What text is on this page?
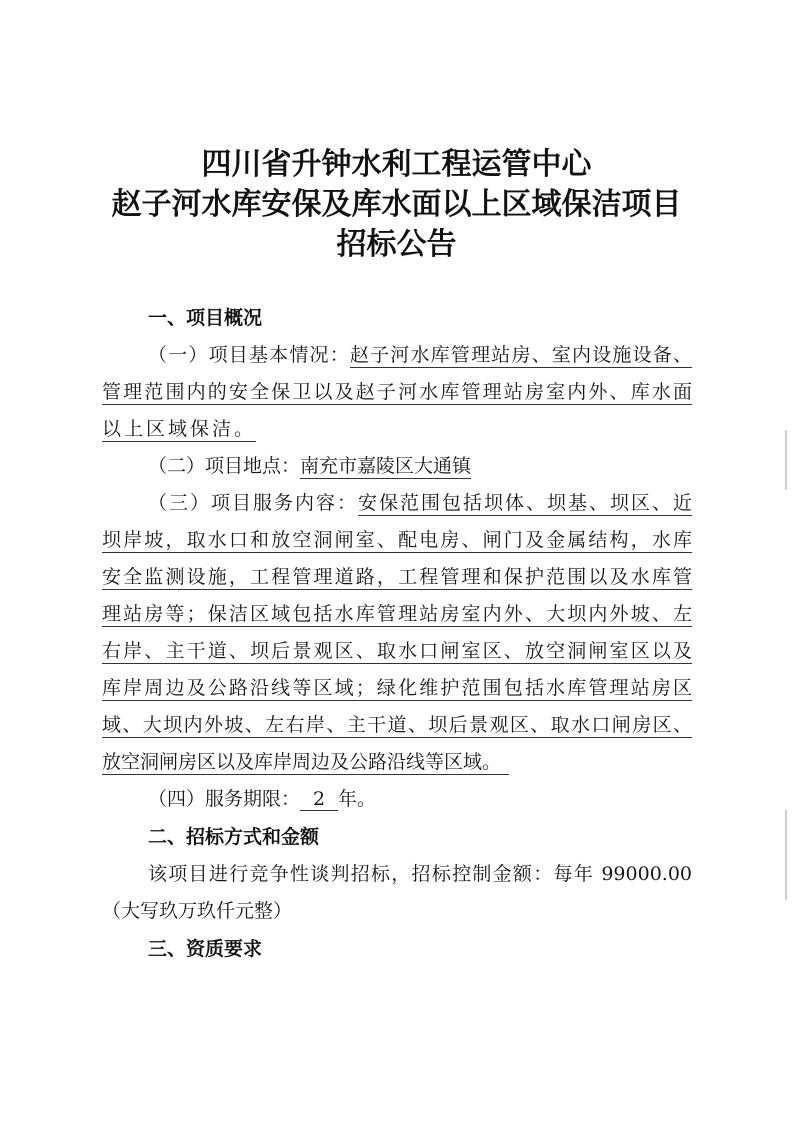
四川省升钟水利工程运管中心
赵子河水库安保及库水面以上区域保洁项目
招标公告
一、项目概况
（一）项目基本情况：赵子河水库管理站房、室内设施设备、
管理范围内的安全保卫以及赵子河水库管理站房室内外、库水面
以上区域保洁。
（二）项目地点：南充市嘉陵区大通镇
（三）项目服务内容：安保范围包括坝体、坝基、坝区、近
坝岸坡，取水口和放空洞闸室、配电房、闸门及金属结构，水库
安全监测设施，工程管理道路，工程管理和保护范围以及水库管
理站房等；保洁区域包括水库管理站房室内外、大坝内外坡、左
右岸、主干道、坝后景观区、取水口闸室区、放空洞闸室区以及
库岸周边及公路沿线等区域；绿化维护范围包括水库管理站房区
域、大坝内外坡、左右岸、主干道、坝后景观区、取水口闸房区、
放空洞闸房区以及库岸周边及公路沿线等区域。
（四）服务期限： 2 年。
二、招标方式和金额
该项目进行竞争性谈判招标，招标控制金额：每年 99000.00
（大写玖万玖仟元整）
三、资质要求
